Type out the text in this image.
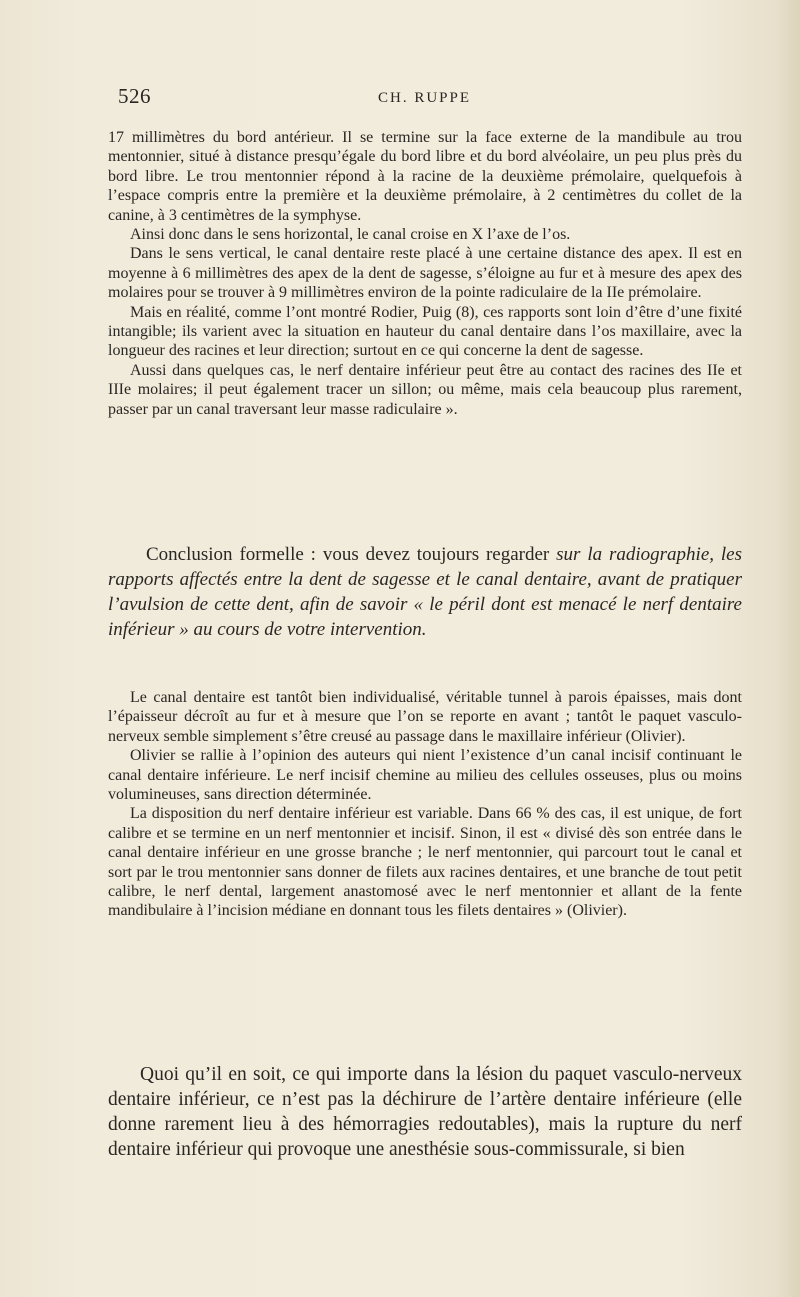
526	CH. RUPPE

17 millimètres du bord antérieur. Il se termine sur la face externe de la mandibule au trou mentonnier, situé à distance presqu’égale du bord libre et du bord alvéolaire, un peu plus près du bord libre. Le trou mentonnier répond à la racine de la deuxième prémolaire, quelquefois à l’espace compris entre la première et la deuxième prémolaire, à 2 centimètres du collet de la canine, à 3 centimètres de la symphyse.

Ainsi donc dans le sens horizontal, le canal croise en X l’axe de l’os.

Dans le sens vertical, le canal dentaire reste placé à une certaine distance des apex. Il est en moyenne à 6 millimètres des apex de la dent de sagesse, s’éloigne au fur et à mesure des apex des molaires pour se trouver à 9 millimètres environ de la pointe radiculaire de la IIe prémolaire.

Mais en réalité, comme l’ont montré Rodier, Puig (8), ces rapports sont loin d’être d’une fixité intangible; ils varient avec la situation en hauteur du canal dentaire dans l’os maxillaire, avec la longueur des racines et leur direction; surtout en ce qui concerne la dent de sagesse.

Aussi dans quelques cas, le nerf dentaire inférieur peut être au contact des racines des IIe et IIIe molaires; il peut également tracer un sillon; ou même, mais cela beaucoup plus rarement, passer par un canal traversant leur masse radiculaire ».

Conclusion formelle : vous devez toujours regarder sur la radiographie, les rapports affectés entre la dent de sagesse et le canal dentaire, avant de pratiquer l’avulsion de cette dent, afin de savoir « le péril dont est menacé le nerf dentaire inférieur » au cours de votre intervention.

Le canal dentaire est tantôt bien individualisé, véritable tunnel à parois épaisses, mais dont l’épaisseur décroît au fur et à mesure que l’on se reporte en avant ; tantôt le paquet vasculo-nerveux semble simplement s’être creusé au passage dans le maxillaire inférieur (Olivier).

Olivier se rallie à l’opinion des auteurs qui nient l’existence d’un canal incisif continuant le canal dentaire inférieure. Le nerf incisif chemine au milieu des cellules osseuses, plus ou moins volumineuses, sans direction déterminée.

La disposition du nerf dentaire inférieur est variable. Dans 66 % des cas, il est unique, de fort calibre et se termine en un nerf mentonnier et incisif. Sinon, il est « divisé dès son entrée dans le canal dentaire inférieur en une grosse branche ; le nerf mentonnier, qui parcourt tout le canal et sort par le trou mentonnier sans donner de filets aux racines dentaires, et une branche de tout petit calibre, le nerf dental, largement anastomosé avec le nerf mentonnier et allant de la fente mandibulaire à l’incision médiane en donnant tous les filets dentaires » (Olivier).

Quoi qu’il en soit, ce qui importe dans la lésion du paquet vasculo-nerveux dentaire inférieur, ce n’est pas la déchirure de l’artère dentaire inférieure (elle donne rarement lieu à des hémorragies redoutables), mais la rupture du nerf dentaire inférieur qui provoque une anesthésie sous-commissurale, si bien
